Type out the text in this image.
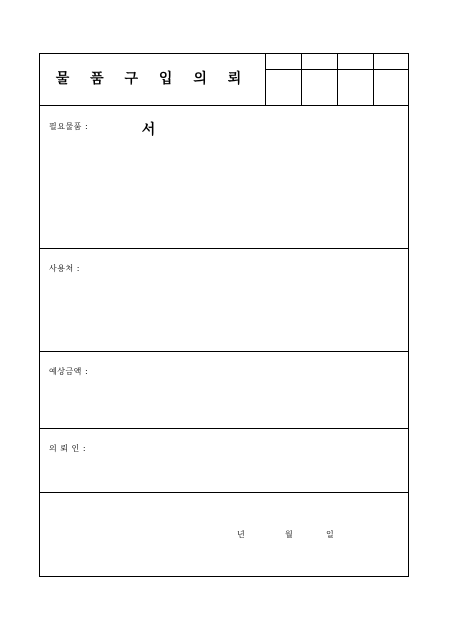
물 품 구 입 의 뢰 서
필요물품 :
사용처 :
예상금액 :
의 뢰 인 :
년	월	일
